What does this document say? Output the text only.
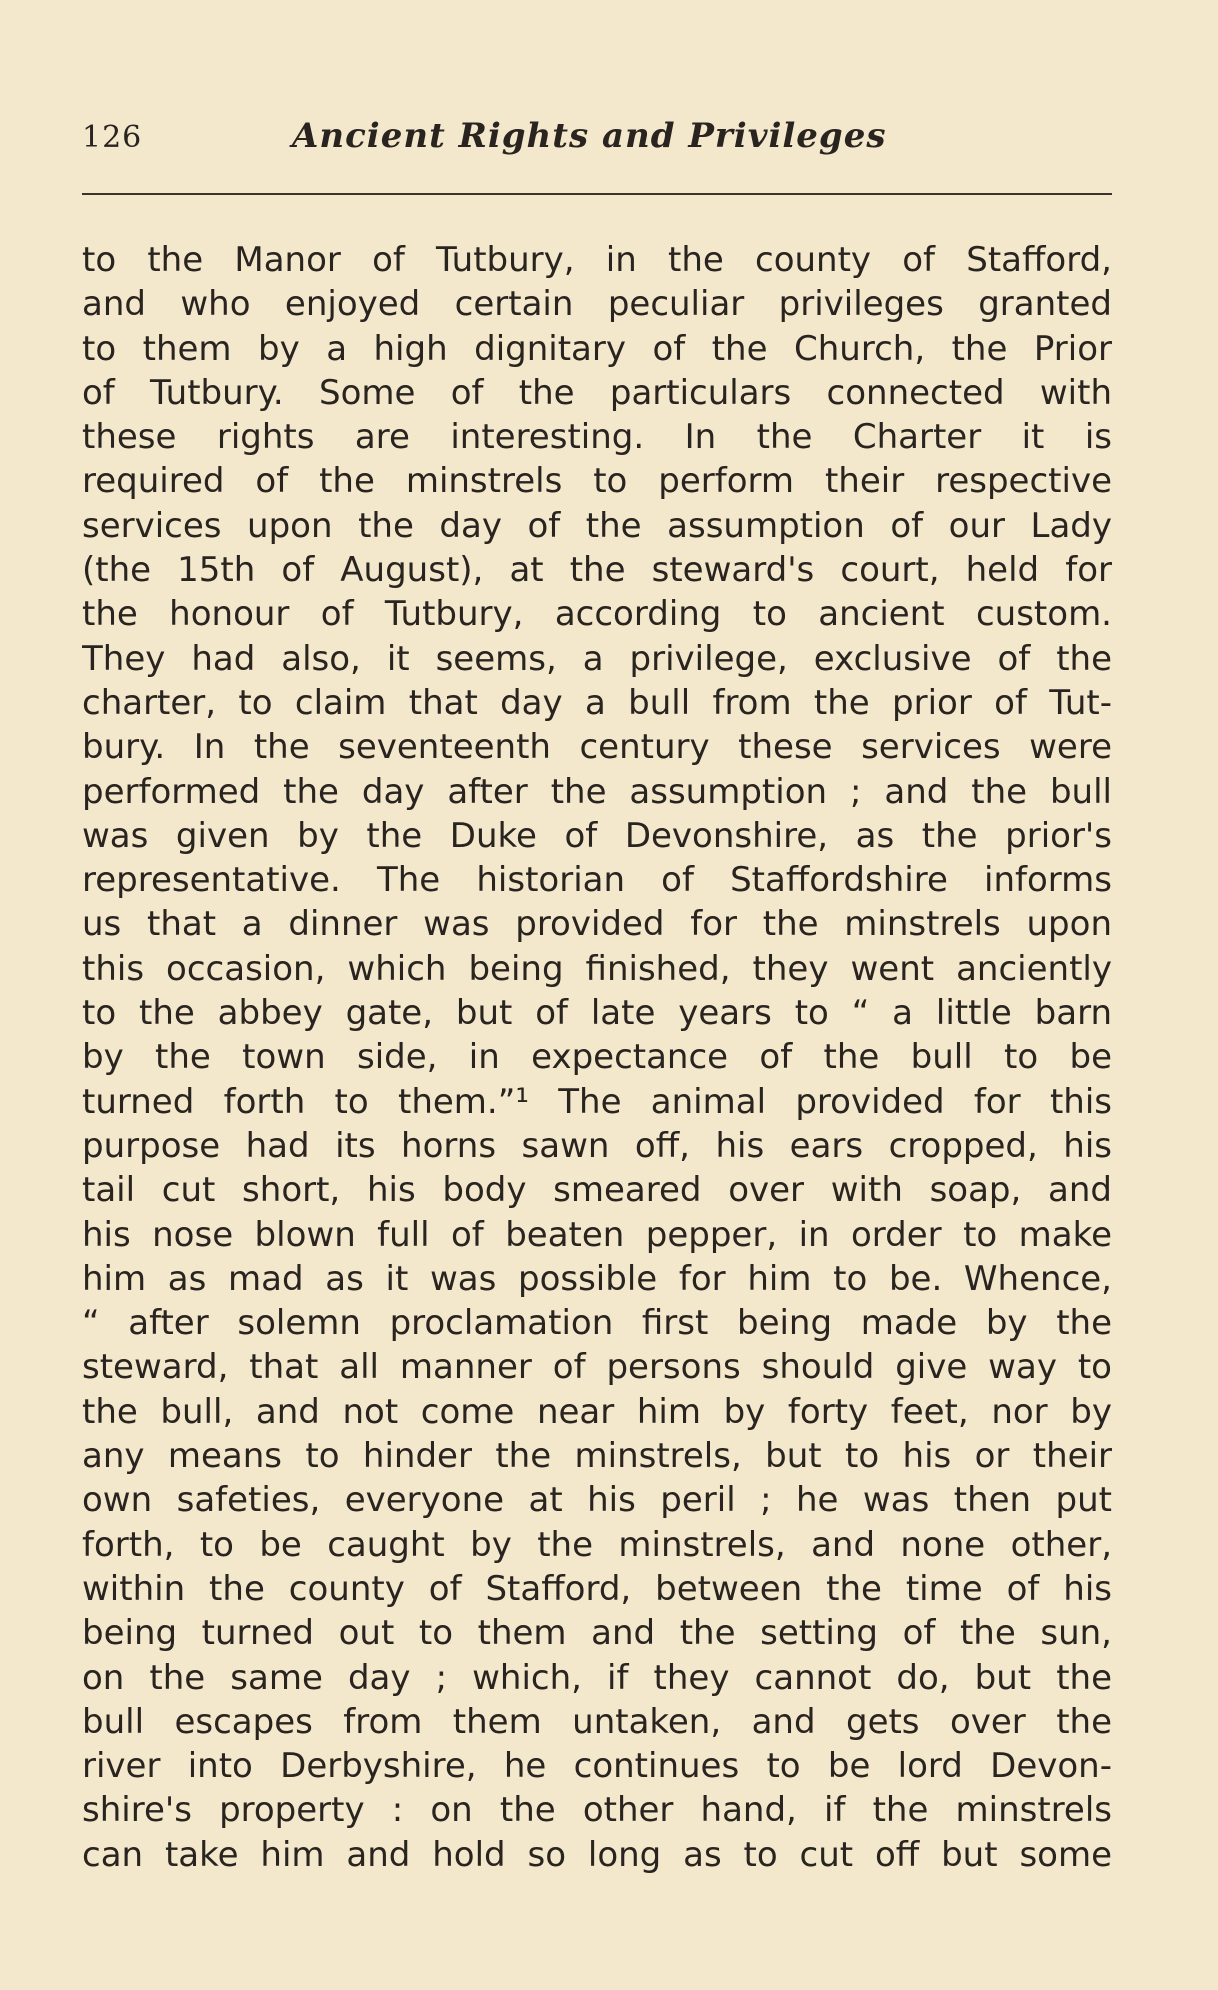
126	Ancient Rights and Privileges
to the Manor of Tutbury, in the county of Stafford,
and who enjoyed certain peculiar privileges granted
to them by a high dignitary of the Church, the Prior
of Tutbury. Some of the particulars connected with
these rights are interesting. In the Charter it is
required of the minstrels to perform their respective
services upon the day of the assumption of our Lady
(the 15th of August), at the steward's court, held for
the honour of Tutbury, according to ancient custom.
They had also, it seems, a privilege, exclusive of the
charter, to claim that day a bull from the prior of Tut-
bury. In the seventeenth century these services were
performed the day after the assumption ; and the bull
was given by the Duke of Devonshire, as the prior's
representative. The historian of Staffordshire informs
us that a dinner was provided for the minstrels upon
this occasion, which being finished, they went anciently
to the abbey gate, but of late years to “ a little barn
by the town side, in expectance of the bull to be
turned forth to them.”¹ The animal provided for this
purpose had its horns sawn off, his ears cropped, his
tail cut short, his body smeared over with soap, and
his nose blown full of beaten pepper, in order to make
him as mad as it was possible for him to be. Whence,
“ after solemn proclamation first being made by the
steward, that all manner of persons should give way to
the bull, and not come near him by forty feet, nor by
any means to hinder the minstrels, but to his or their
own safeties, everyone at his peril ; he was then put
forth, to be caught by the minstrels, and none other,
within the county of Stafford, between the time of his
being turned out to them and the setting of the sun,
on the same day ; which, if they cannot do, but the
bull escapes from them untaken, and gets over the
river into Derbyshire, he continues to be lord Devon-
shire's property : on the other hand, if the minstrels
can take him and hold so long as to cut off but some
